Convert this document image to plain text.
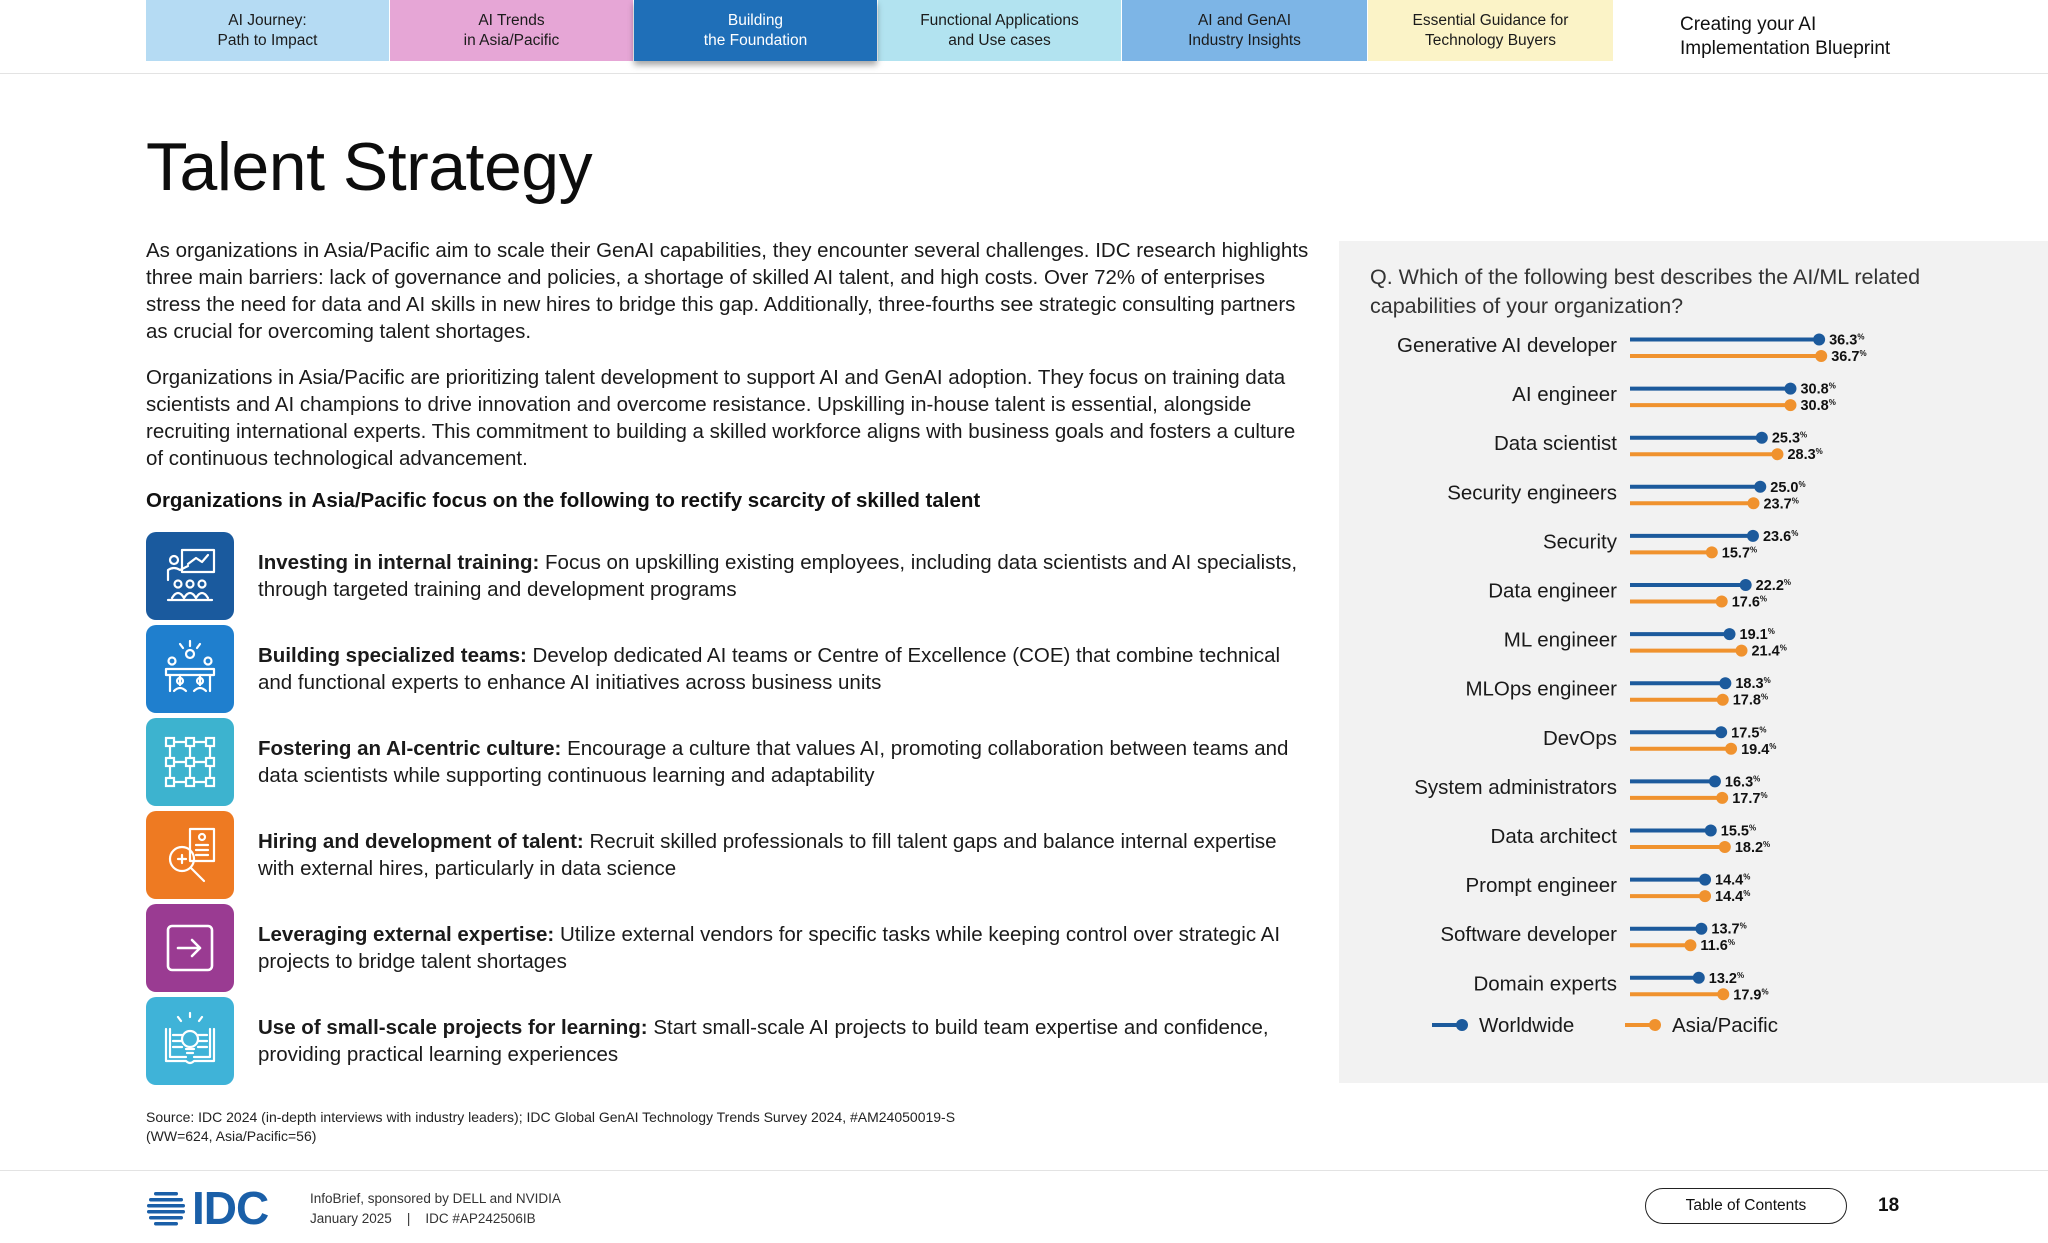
AI Journey:
Path to Impact
AI Trends
in Asia/Pacific
Building
the Foundation
Functional Applications
and Use cases
AI and GenAI
Industry Insights
Essential Guidance for
Technology Buyers
Creating your AI
Implementation Blueprint
Talent Strategy

As organizations in Asia/Pacific aim to scale their GenAI capabilities, they encounter several challenges. IDC research highlights three main barriers: lack of governance and policies, a shortage of skilled AI talent, and high costs. Over 72% of enterprises stress the need for data and AI skills in new hires to bridge this gap. Additionally, three-fourths see strategic consulting partners as crucial for overcoming talent shortages.

Organizations in Asia/Pacific are prioritizing talent development to support AI and GenAI adoption. They focus on training data scientists and AI champions to drive innovation and overcome resistance. Upskilling in-house talent is essential, alongside recruiting international experts. This commitment to building a skilled workforce aligns with business goals and fosters a culture of continuous technological advancement.

Organizations in Asia/Pacific focus on the following to rectify scarcity of skilled talent

Investing in internal training: Focus on upskilling existing employees, including data scientists and AI specialists, through targeted training and development programs
Building specialized teams: Develop dedicated AI teams or Centre of Excellence (COE) that combine technical and functional experts to enhance AI initiatives across business units
Fostering an AI-centric culture: Encourage a culture that values AI, promoting collaboration between teams and data scientists while supporting continuous learning and adaptability
Hiring and development of talent: Recruit skilled professionals to fill talent gaps and balance internal expertise with external hires, particularly in data science
Leveraging external expertise: Utilize external vendors for specific tasks while keeping control over strategic AI projects to bridge talent shortages
Use of small-scale projects for learning: Start small-scale AI projects to build team expertise and confidence, providing practical learning experiences

Source: IDC 2024 (in-depth interviews with industry leaders); IDC Global GenAI Technology Trends Survey 2024, #AM24050019-S (WW=624, Asia/Pacific=56)

Q. Which of the following best describes the AI/ML related capabilities of your organization?

Generative AI developer	36.3%
36.7%
AI engineer	30.8%
30.8%
Data scientist	25.3%
28.3%
Security engineers	25.0%
23.7%
Security	23.6%
15.7%
Data engineer	22.2%
17.6%
ML engineer	19.1%
21.4%
MLOps engineer	18.3%
17.8%
DevOps	17.5%
19.4%
System administrators	16.3%
17.7%
Data architect	15.5%
18.2%
Prompt engineer	14.4%
14.4%
Software developer	13.7%
11.6%
Domain experts	13.2%
17.9%
Worldwide	Asia/Pacific
IDC	InfoBrief, sponsored by DELL and NVIDIA
January 2025    |    IDC #AP242506IB
Table of Contents	18
